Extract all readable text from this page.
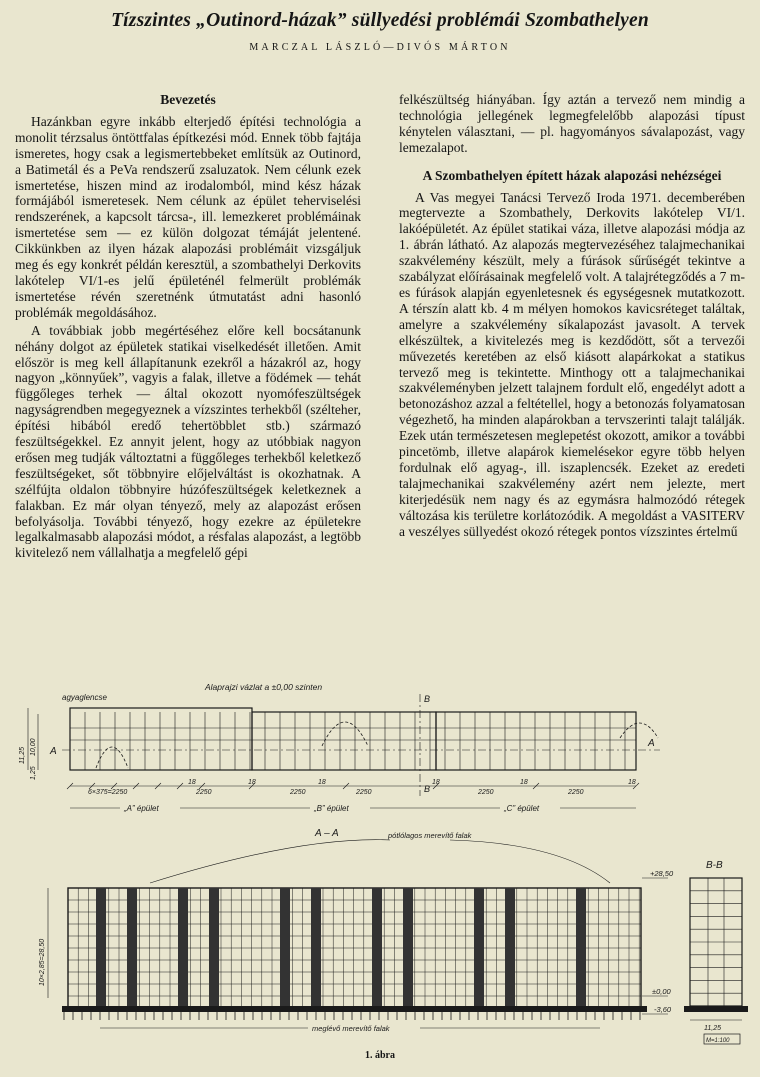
Tízszintes „Outinord-házak” süllyedési problémái Szombathelyen
MARCZAL LÁSZLÓ—DIVÓS MÁRTON
Bevezetés

Hazánkban egyre inkább elterjedő építési technológia a monolit térzsalus öntöttfalas építkezési mód. Ennek több fajtája ismeretes, hogy csak a legismertebbeket említsük az Outinord, a Batimetál és a PeVa rendszerű zsaluzatok. Nem célunk ezek ismertetése, hiszen mind az irodalomból, mind kész házak formájából ismeretesek. Nem célunk az épület teherviselési rendszerének, a kapcsolt tárcsa-, ill. lemezkeret problémáinak ismertetése sem — ez külön dolgozat témáját jelentené. Cikkünkben az ilyen házak alapozási problémáit vizsgáljuk meg és egy konkrét példán keresztül, a szombathelyi Derkovits lakótelep VI/1-es jelű épületénél felmerült problémák ismertetése révén szeretnénk útmutatást adni hasonló problémák megoldásához.

A továbbiak jobb megértéséhez előre kell bocsátanunk néhány dolgot az épületek statikai viselkedését illetően. Amit először is meg kell állapítanunk ezekről a házakról az, hogy nagyon „könnyűek”, vagyis a falak, illetve a födémek — tehát függőleges terhek — által okozott nyomófeszültségek nagyságrendben megegyeznek a vízszintes terhekből (szélteher, építési hibából eredő tehertöbblet stb.) származó feszültségekkel. Ez annyit jelent, hogy az utóbbiak nagyon erősen meg tudják változtatni a függőleges terhekből keletkező feszültségeket, sőt többnyire előjelváltást is okozhatnak. A szélfújta oldalon többnyire húzófeszültségek keletkeznek a falakban. Ez már olyan tényező, mely az alapozást erősen befolyásolja. További tényező, hogy ezekre az épületekre legalkalmasabb alapozási módot, a résfalas alapozást, a legtöbb kivitelező nem vállalhatja a megfelelő gépi

felkészültség hiányában. Így aztán a tervező nem mindig a technológia jellegének legmegfelelőbb alapozási típust kénytelen választani, — pl. hagyományos sávalapozást, vagy lemezalapot.

A Szombathelyen épített házak alapozási nehézségei

A Vas megyei Tanácsi Tervező Iroda 1971. decemberében megtervezte a Szombathely, Derkovits lakótelep VI/1. lakóépületét. Az épület statikai váza, illetve alapozási módja az 1. ábrán látható. Az alapozás megtervezéséhez talajmechanikai szakvélemény készült, mely a fúrások sűrűségét tekintve a szabályzat előírásainak megfelelő volt. A talajrétegződés a 7 m-es fúrások alapján egyenletesnek és egységesnek mutatkozott. A térszín alatt kb. 4 m mélyen homokos kavicsréteget találtak, amelyre a szakvélemény síkalapozást javasolt. A tervek elkészültek, a kivitelezés meg is kezdődött, sőt a tervezői művezetés keretében az első kiásott alapárkokat a statikus tervező meg is tekintette. Minthogy ott a talajmechanikai szakvéleményben jelzett talajnem fordult elő, engedélyt adott a betonozáshoz azzal a feltétellel, hogy a betonozás folyamatosan végezhető, ha minden alapárokban a tervszerinti talajt találják. Ezek után természetesen meglepetést okozott, amikor a további pincetömb, illetve alapárok kiemelésekor egyre több helyen fordulnak elő agyag-, ill. iszaplencsék. Ezeket az eredeti talajmechanikai szakvélemény azért nem jelezte, mert kiterjedésük nem nagy és az egymásra halmozódó rétegek változása kis területre korlátozódik. A megoldást a VASITERV a veszélyes süllyedést okozó rétegek pontos vízszintes értelmű

Alaprajzi vázlat a ±0,00 szinten
agyaglencse
A
A
B
B
11,25 10,00
1,25
6×375=2250
18
2250
18
2250
18
2250
18
2250
18
2250
18
„A” épület	„B” épület	„C” épület
A – A	pótlólagos merevítő falak
10×2,85=28,50
+28,50
±0,00
-3,60
meglévő merevítő falak
B-B
11,25
M=1:100
1. ábra
